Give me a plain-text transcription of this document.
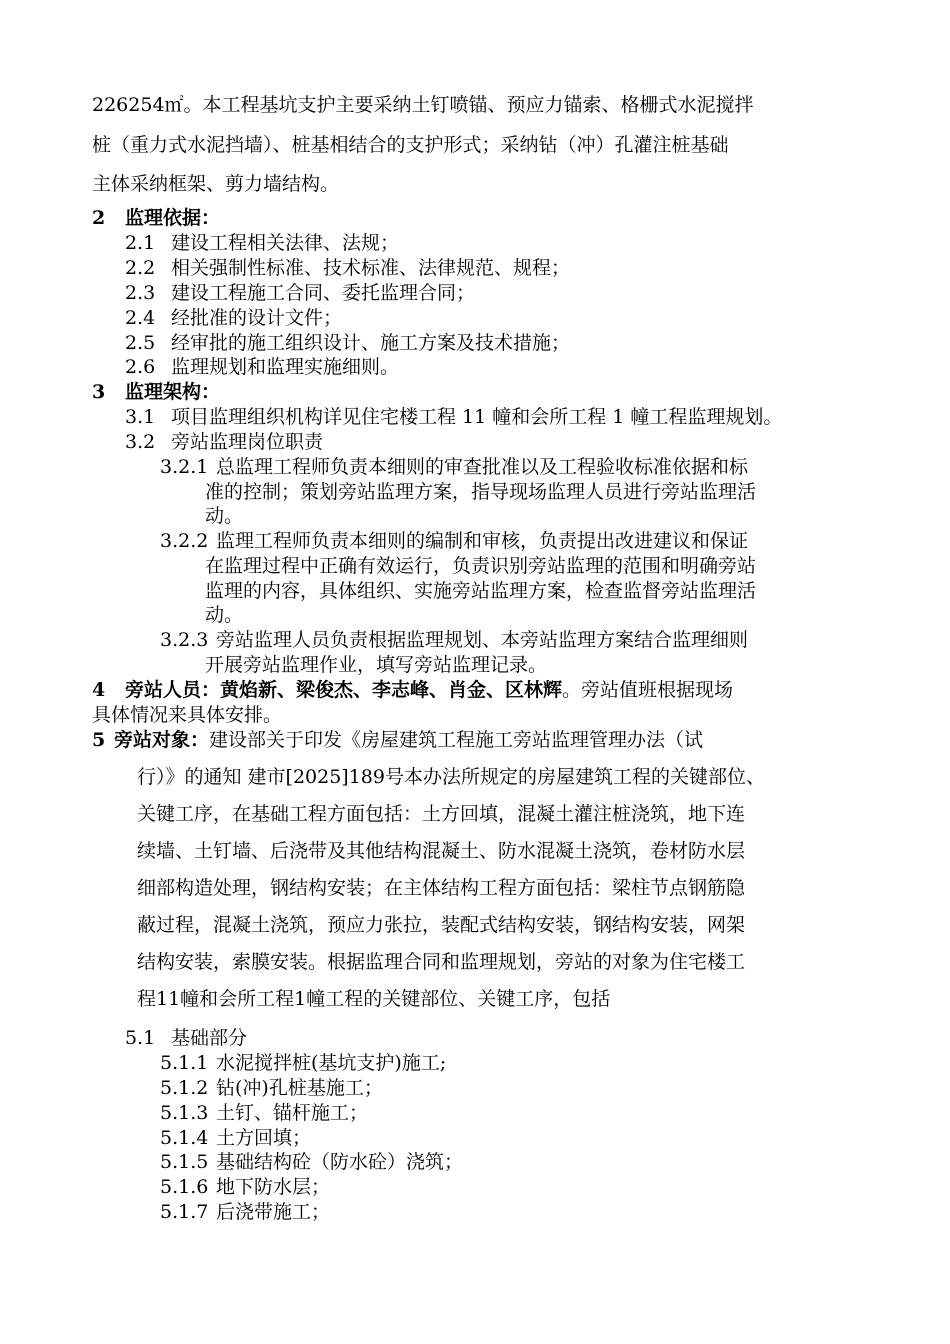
226254㎡。本工程基坑支护主要采纳土钉喷锚、预应力锚索、格栅式水泥搅拌
桩（重力式水泥挡墙）、桩基相结合的支护形式；采纳钻（冲）孔灌注桩基础
主体采纳框架、剪力墙结构。
2 监理依据：
2.1 建设工程相关法律、法规；
2.2 相关强制性标准、技术标准、法律规范、规程；
2.3 建设工程施工合同、委托监理合同；
2.4 经批准的设计文件；
2.5 经审批的施工组织设计、施工方案及技术措施；
2.6 监理规划和监理实施细则。
3 监理架构：
3.1 项目监理组织机构详见住宅楼工程 11 幢和会所工程 1 幢工程监理规划。
3.2 旁站监理岗位职责
3.2.1 总监理工程师负责本细则的审查批准以及工程验收标准依据和标
准的控制；策划旁站监理方案，指导现场监理人员进行旁站监理活
动。
3.2.2 监理工程师负责本细则的编制和审核，负责提出改进建议和保证
在监理过程中正确有效运行，负责识别旁站监理的范围和明确旁站
监理的内容，具体组织、实施旁站监理方案，检查监督旁站监理活
动。
3.2.3 旁站监理人员负责根据监理规划、本旁站监理方案结合监理细则
开展旁站监理作业，填写旁站监理记录。
4 旁站人员：黄焰新、梁俊杰、李志峰、肖金、区林辉。旁站值班根据现场
具体情况来具体安排。
5 旁站对象：建设部关于印发《房屋建筑工程施工旁站监理管理办法（试
行）》的通知 建市[2025]189号本办法所规定的房屋建筑工程的关键部位、
关键工序，在基础工程方面包括：土方回填，混凝土灌注桩浇筑，地下连
续墙、土钉墙、后浇带及其他结构混凝土、防水混凝土浇筑，卷材防水层
细部构造处理，钢结构安装；在主体结构工程方面包括：梁柱节点钢筋隐
蔽过程，混凝土浇筑，预应力张拉，装配式结构安装，钢结构安装，网架
结构安装，索膜安装。根据监理合同和监理规划，旁站的对象为住宅楼工
程11幢和会所工程1幢工程的关键部位、关键工序，包括
5.1 基础部分
5.1.1 水泥搅拌桩(基坑支护)施工;
5.1.2 钻(冲)孔桩基施工；
5.1.3 土钉、锚杆施工；
5.1.4 土方回填；
5.1.5 基础结构砼（防水砼）浇筑；
5.1.6 地下防水层；
5.1.7 后浇带施工；
